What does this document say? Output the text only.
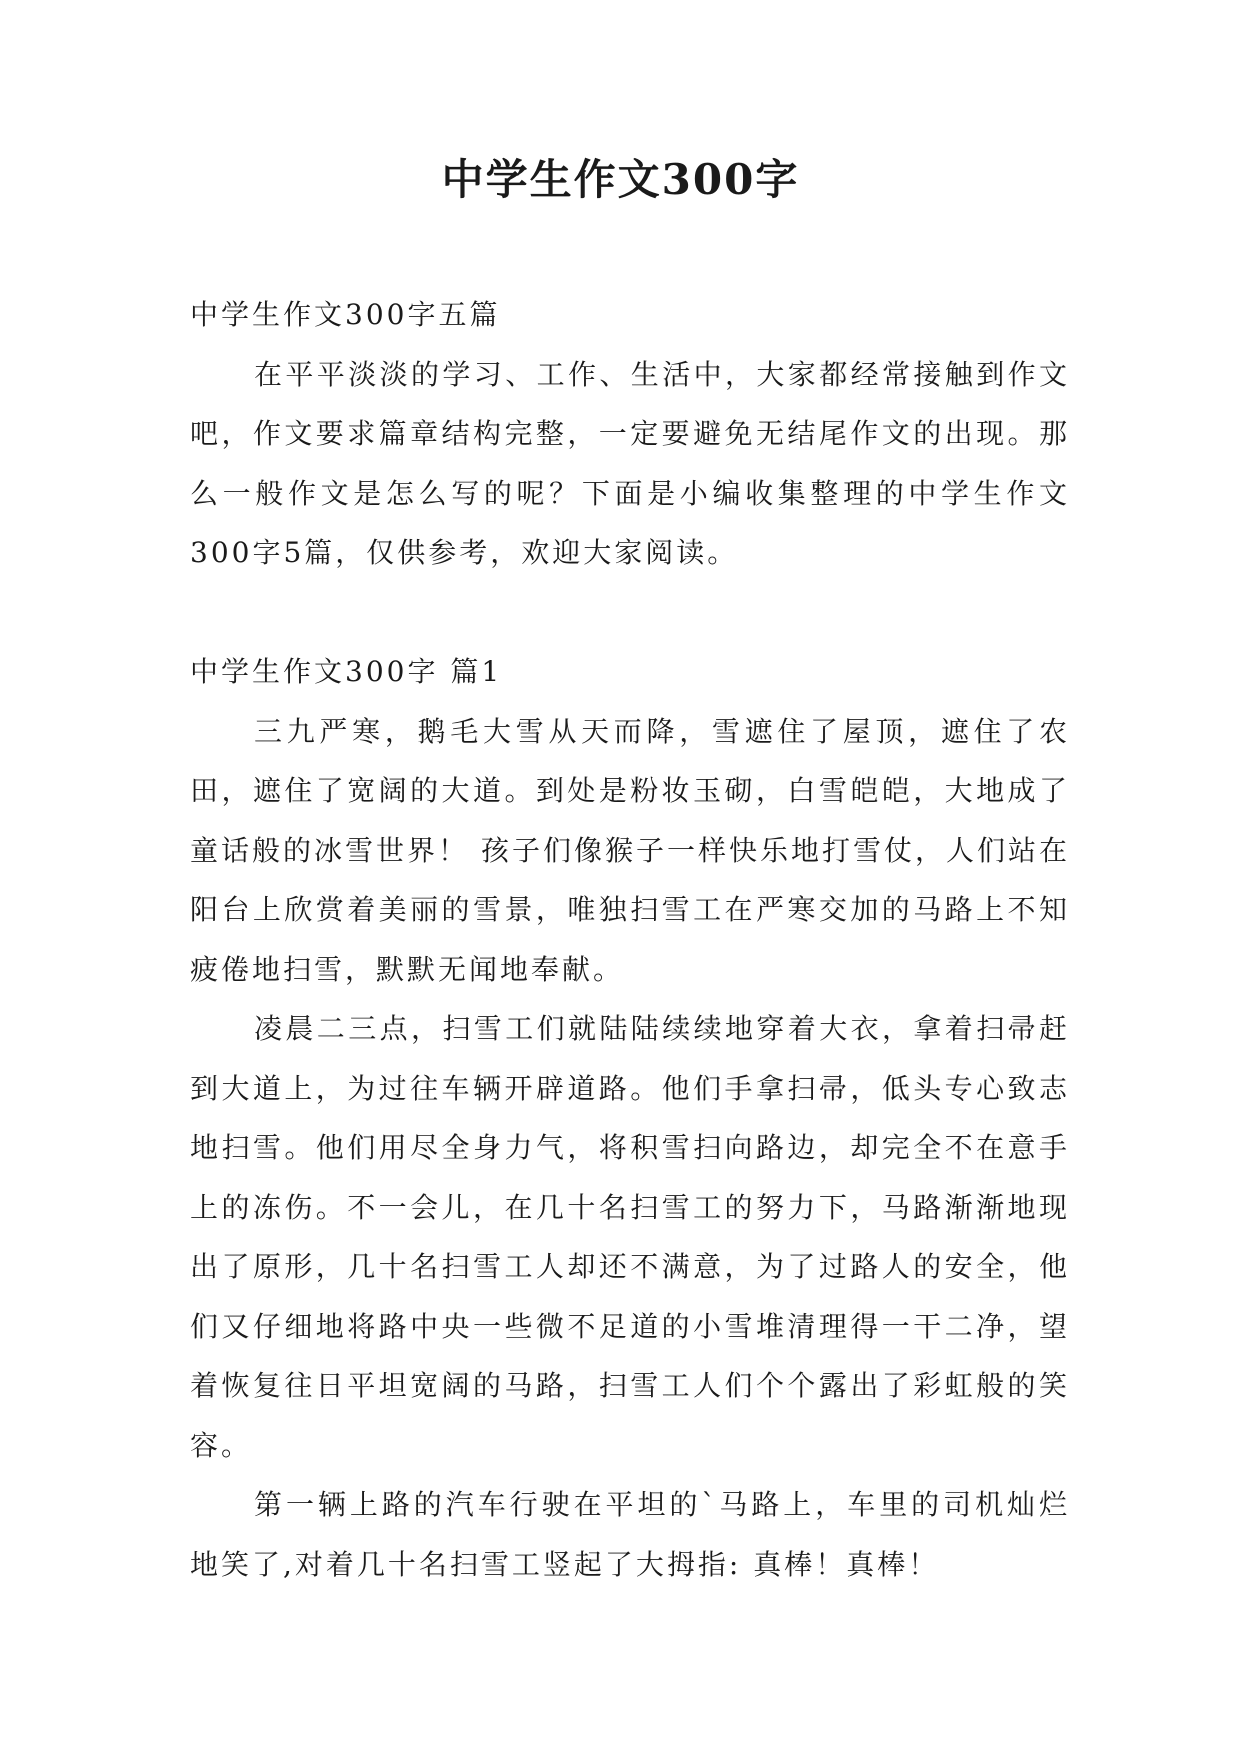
中学生作文300字

中学生作文300字五篇

在平平淡淡的学习、工作、生活中，大家都经常接触到作文吧，作文要求篇章结构完整，一定要避免无结尾作文的出现。那么一般作文是怎么写的呢？下面是小编收集整理的中学生作文300字5篇，仅供参考，欢迎大家阅读。

中学生作文300字 篇1

三九严寒，鹅毛大雪从天而降，雪遮住了屋顶，遮住了农田，遮住了宽阔的大道。到处是粉妆玉砌，白雪皑皑，大地成了童话般的冰雪世界！ 孩子们像猴子一样快乐地打雪仗，人们站在阳台上欣赏着美丽的雪景，唯独扫雪工在严寒交加的马路上不知疲倦地扫雪，默默无闻地奉献。

凌晨二三点，扫雪工们就陆陆续续地穿着大衣，拿着扫帚赶到大道上，为过往车辆开辟道路。他们手拿扫帚，低头专心致志地扫雪。他们用尽全身力气，将积雪扫向路边，却完全不在意手上的冻伤。不一会儿，在几十名扫雪工的努力下，马路渐渐地现出了原形，几十名扫雪工人却还不满意，为了过路人的安全，他们又仔细地将路中央一些微不足道的小雪堆清理得一干二净，望着恢复往日平坦宽阔的马路，扫雪工人们个个露出了彩虹般的笑容。

第一辆上路的汽车行驶在平坦的`马路上，车里的司机灿烂地笑了,对着几十名扫雪工竖起了大拇指: 真棒！真棒！
